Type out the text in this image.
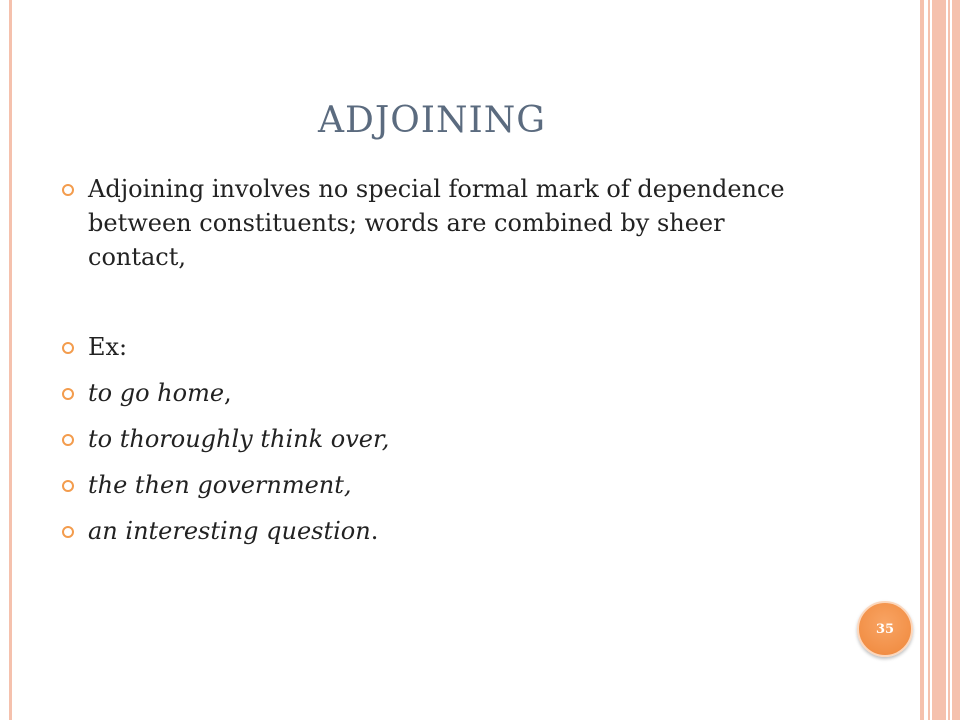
ADJOINING
Adjoining involves no special formal mark of dependence between constituents; words are combined by sheer contact,
Ex:
to go home,
to thoroughly think over,
the then government,
an interesting question.
35
